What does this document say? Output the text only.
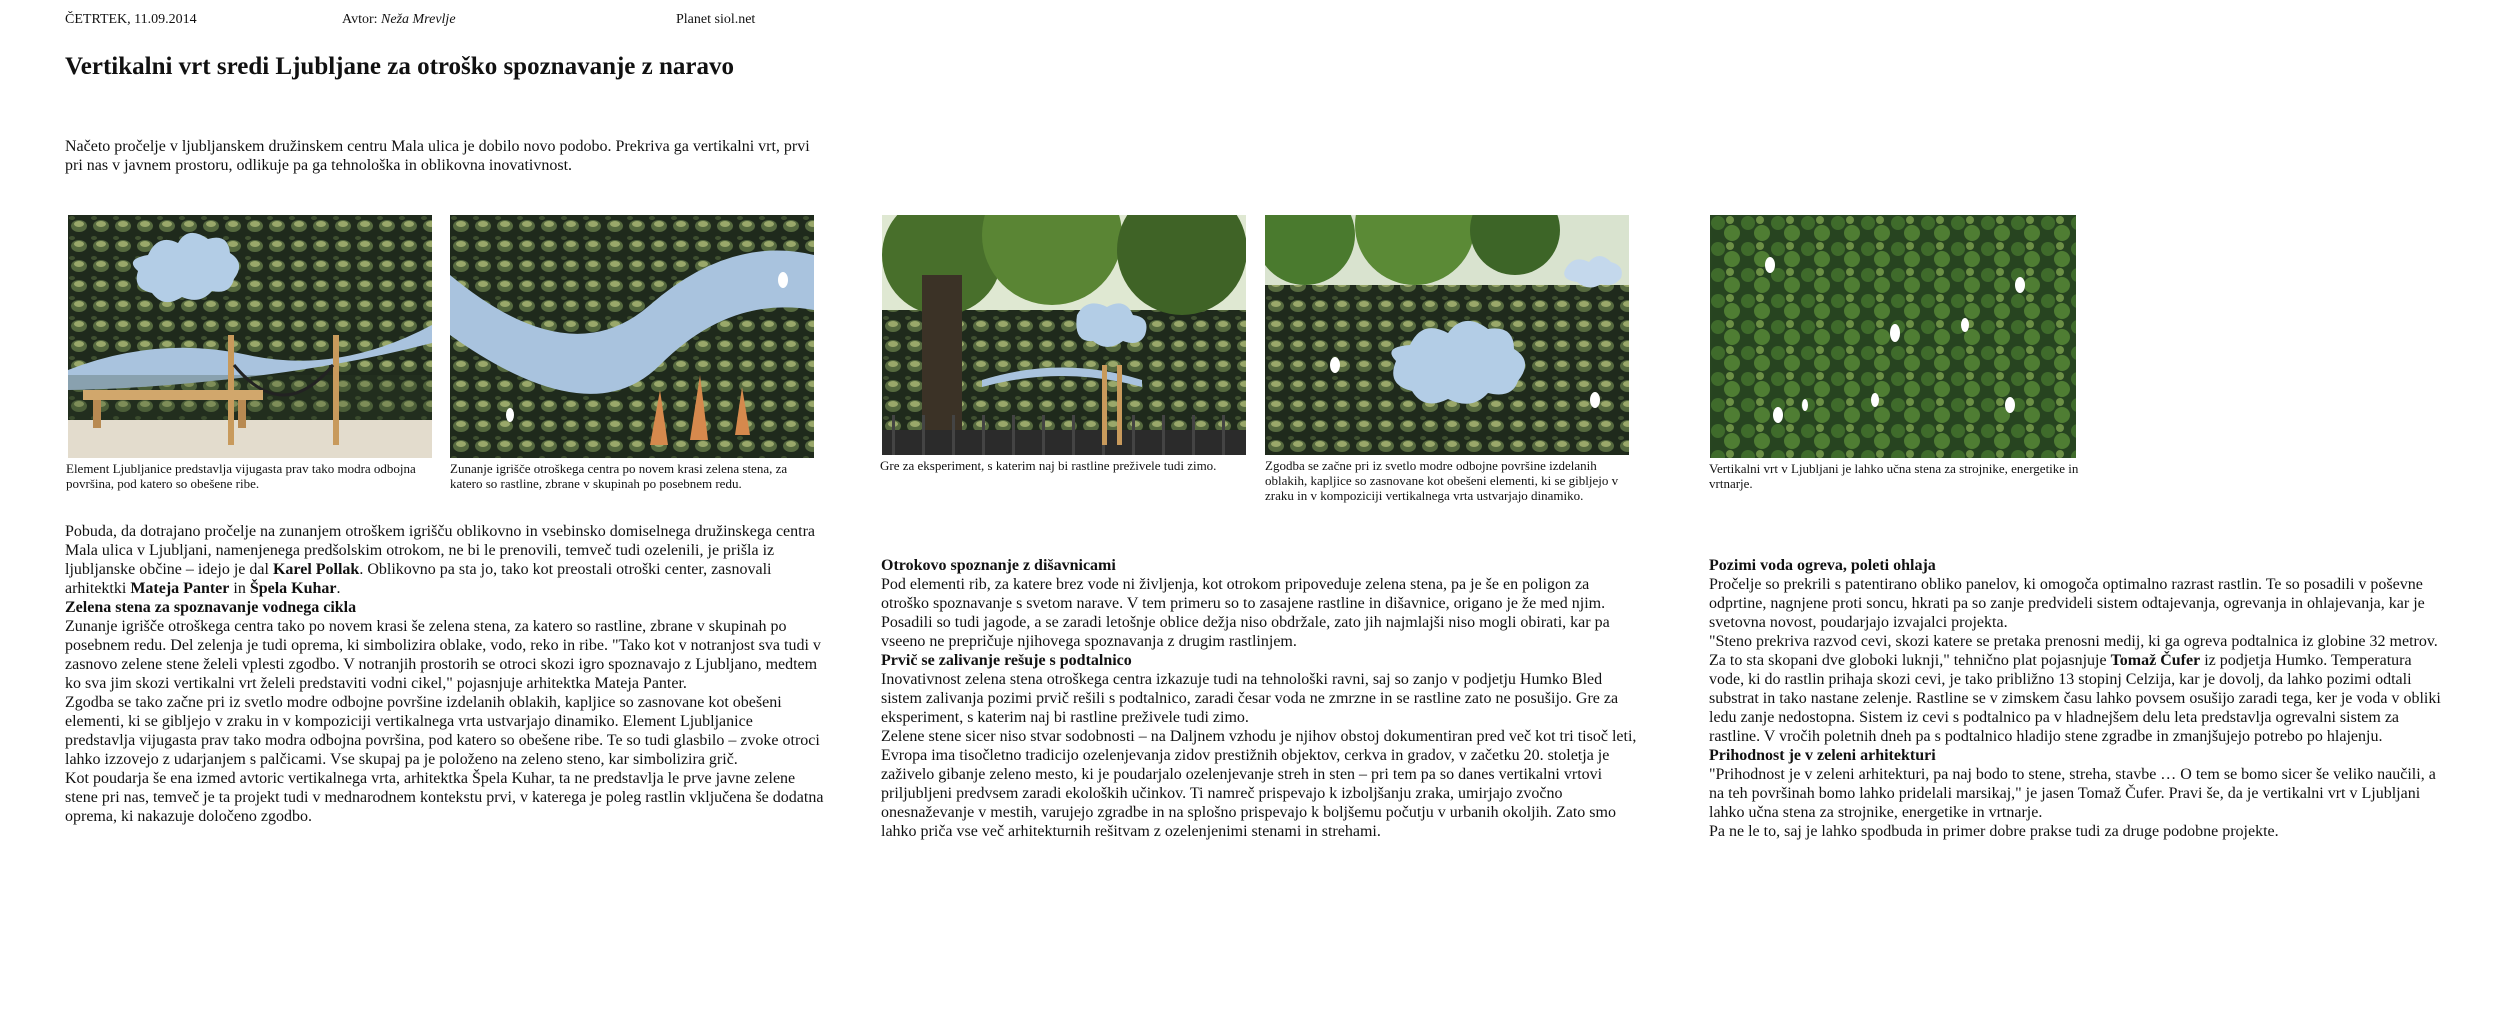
ČETRTEK, 11.09.2014	Avtor: Neža Mrevlje	Planet siol.net
Vertikalni vrt sredi Ljubljane za otroško spoznavanje z naravo
Načeto pročelje v ljubljanskem družinskem centru Mala ulica je dobilo novo podobo. Prekriva ga vertikalni vrt, prvi pri nas v javnem prostoru, odlikuje pa ga tehnološka in oblikovna inovativnost.
Element Ljubljanice predstavlja vijugasta prav tako modra odbojna površina, pod katero so obešene ribe.
Zunanje igrišče otroškega centra po novem krasi zelena stena, za katero so rastline, zbrane v skupinah po posebnem redu.
Gre za eksperiment, s katerim naj bi rastline preživele tudi zimo.	Zgodba se začne pri iz svetlo modre odbojne površine izdelanih oblakih, kapljice so zasnovane kot obešeni elementi, ki se gibljejo v zraku in v kompoziciji vertikalnega vrta ustvarjajo dinamiko.
Vertikalni vrt v Ljubljani je lahko učna stena za strojnike, energetike in vrtnarje.

Pobuda, da dotrajano pročelje na zunanjem otroškem igrišču oblikovno in vsebinsko domiselnega družinskega centra Mala ulica v Ljubljani, namenjenega predšolskim otrokom, ne bi le prenovili, temveč tudi ozelenili, je prišla iz ljubljanske občine – idejo je dal Karel Pollak. Oblikovno pa sta jo, tako kot preostali otroški center, zasnovali arhitektki Mateja Panter in Špela Kuhar.

Zelena stena za spoznavanje vodnega cikla

Zunanje igrišče otroškega centra tako po novem krasi še zelena stena, za katero so rastline, zbrane v skupinah po posebnem redu. Del zelenja je tudi oprema, ki simbolizira oblake, vodo, reko in ribe. "Tako kot v notranjost sva tudi v zasnovo zelene stene želeli vplesti zgodbo. V notranjih prostorih se otroci skozi igro spoznavajo z Ljubljano, medtem ko sva jim skozi vertikalni vrt želeli predstaviti vodni cikel," pojasnjuje arhitektka Mateja Panter.

Zgodba se tako začne pri iz svetlo modre odbojne površine izdelanih oblakih, kapljice so zasnovane kot obešeni elementi, ki se gibljejo v zraku in v kompoziciji vertikalnega vrta ustvarjajo dinamiko. Element Ljubljanice predstavlja vijugasta prav tako modra odbojna površina, pod katero so obešene ribe. Te so tudi glasbilo – zvoke otroci lahko izzovejo z udarjanjem s palčicami. Vse skupaj pa je položeno na zeleno steno, kar simbolizira grič.

Kot poudarja še ena izmed avtoric vertikalnega vrta, arhitektka Špela Kuhar, ta ne predstavlja le prve javne zelene stene pri nas, temveč je ta projekt tudi v mednarodnem kontekstu prvi, v katerega je poleg rastlin vključena še dodatna oprema, ki nakazuje določeno zgodbo.

Otrokovo spoznanje z dišavnicami

Pod elementi rib, za katere brez vode ni življenja, kot otrokom pripoveduje zelena stena, pa je še en poligon za otroško spoznavanje s svetom narave. V tem primeru so to zasajene rastline in dišavnice, origano je že med njim. Posadili so tudi jagode, a se zaradi letošnje oblice dežja niso obdržale, zato jih najmlajši niso mogli obirati, kar pa vseeno ne prepričuje njihovega spoznavanja z drugim rastlinjem.

Prvič se zalivanje rešuje s podtalnico

Inovativnost zelena stena otroškega centra izkazuje tudi na tehnološki ravni, saj so zanjo v podjetju Humko Bled sistem zalivanja pozimi prvič rešili s podtalnico, zaradi česar voda ne zmrzne in se rastline zato ne posušijo. Gre za eksperiment, s katerim naj bi rastline preživele tudi zimo.

Zelene stene sicer niso stvar sodobnosti – na Daljnem vzhodu je njihov obstoj dokumentiran pred več kot tri tisoč leti, Evropa ima tisočletno tradicijo ozelenjevanja zidov prestižnih objektov, cerkva in gradov, v začetku 20. stoletja je zaživelo gibanje zeleno mesto, ki je poudarjalo ozelenjevanje streh in sten – pri tem pa so danes vertikalni vrtovi priljubljeni predvsem zaradi ekoloških učinkov. Ti namreč prispevajo k izboljšanju zraka, umirjajo zvočno onesnaževanje v mestih, varujejo zgradbe in na splošno prispevajo k boljšemu počutju v urbanih okoljih. Zato smo lahko priča vse več arhitekturnih rešitvam z ozelenjenimi stenami in strehami.

Pozimi voda ogreva, poleti ohlaja

Pročelje so prekrili s patentirano obliko panelov, ki omogoča optimalno razrast rastlin. Te so posadili v poševne odprtine, nagnjene proti soncu, hkrati pa so zanje predvideli sistem odtajevanja, ogrevanja in ohlajevanja, kar je svetovna novost, poudarjajo izvajalci projekta.

"Steno prekriva razvod cevi, skozi katere se pretaka prenosni medij, ki ga ogreva podtalnica iz globine 32 metrov. Za to sta skopani dve globoki luknji," tehnično plat pojasnjuje Tomaž Čufer iz podjetja Humko. Temperatura vode, ki do rastlin prihaja skozi cevi, je tako približno 13 stopinj Celzija, kar je dovolj, da lahko pozimi odtali substrat in tako nastane zelenje. Rastline se v zimskem času lahko povsem osušijo zaradi tega, ker je voda v obliki ledu zanje nedostopna. Sistem iz cevi s podtalnico pa v hladnejšem delu leta predstavlja ogrevalni sistem za rastline. V vročih poletnih dneh pa s podtalnico hladijo stene zgradbe in zmanjšujejo potrebo po hlajenju.

Prihodnost je v zeleni arhitekturi

"Prihodnost je v zeleni arhitekturi, pa naj bodo to stene, streha, stavbe … O tem se bomo sicer še veliko naučili, a na teh površinah bomo lahko pridelali marsikaj," je jasen Tomaž Čufer. Pravi še, da je vertikalni vrt v Ljubljani lahko učna stena za strojnike, energetike in vrtnarje.

Pa ne le to, saj je lahko spodbuda in primer dobre prakse tudi za druge podobne projekte.
